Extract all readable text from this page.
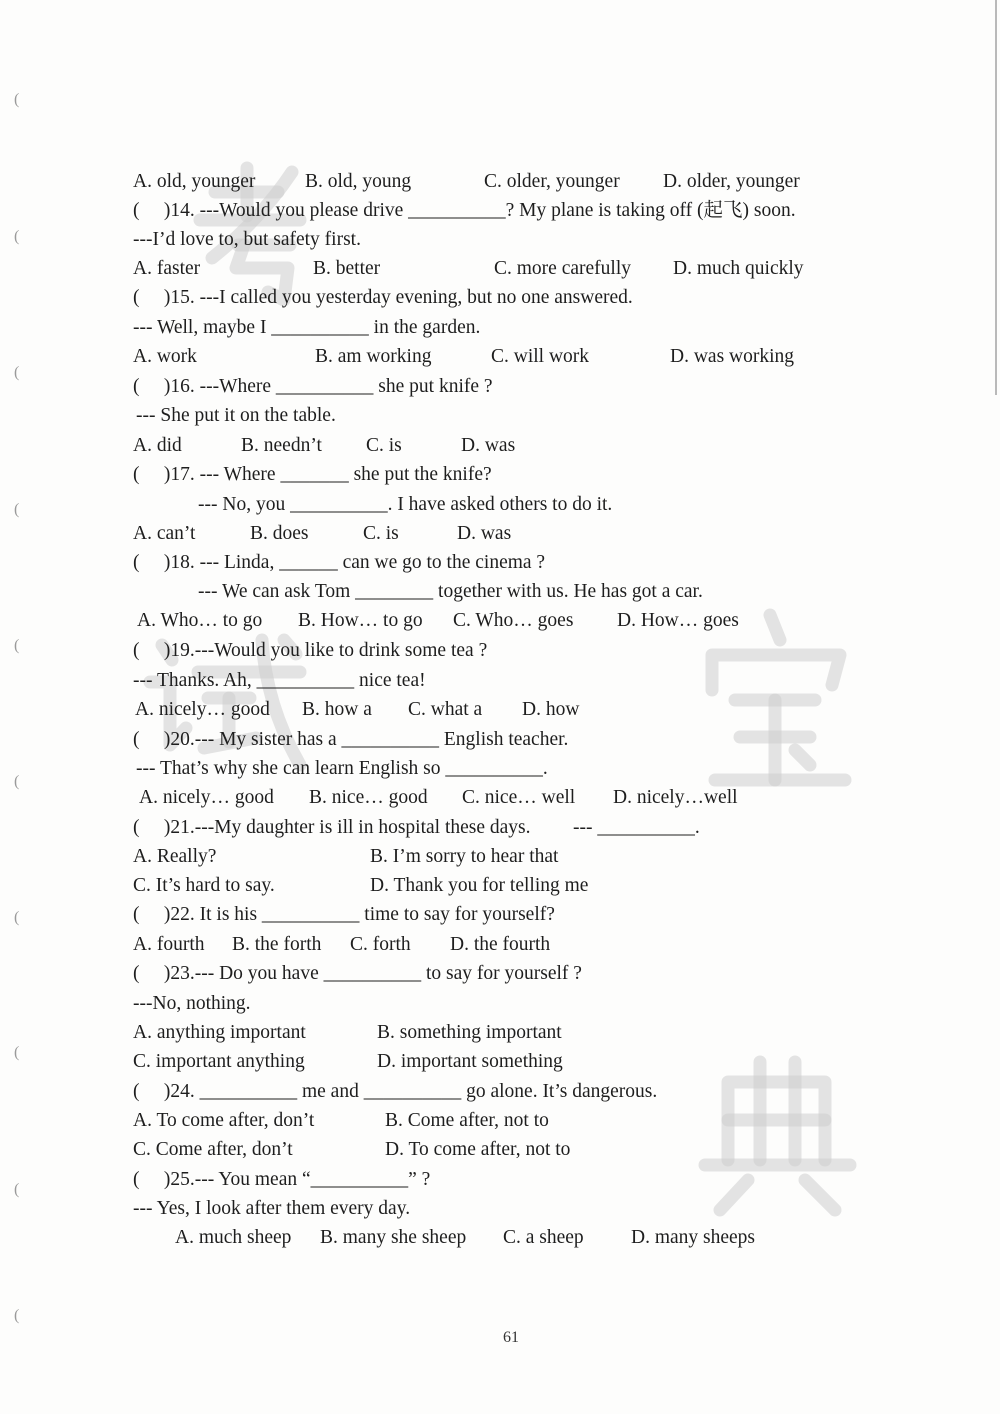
(
(
(
(
(
(
(
(
(
(
A. old, younger	B. old, young	C. older, younger D. older, younger
(     )14. ---Would you please drive __________? My plane is taking off (起飞) soon.
---I’d love to, but safety first.
A. faster	B. better	C. more carefully D. much quickly
(     )15. ---I called you yesterday evening, but no one answered.
--- Well, maybe I __________ in the garden.
A. work	B. am working	C. will work	D. was working
(     )16. ---Where __________ she put knife ?
--- She put it on the table.
A. did	B. needn’t C. is	D. was
(     )17. --- Where _______ she put the knife?
--- No, you __________. I have asked others to do it.
A. can’t	B. does	C. is	D. was
(     )18. --- Linda, ______ can we go to the cinema ?
--- We can ask Tom ________ together with us. He has got a car.
A. Who… to go B. How… to go C. Who… goes D. How… goes
(     )19.---Would you like to drink some tea ?
--- Thanks. Ah, __________ nice tea!
A. nicely… good B. how a C. what a D. how
(     )20.--- My sister has a __________ English teacher.
--- That’s why she can learn English so __________.
A. nicely… good B. nice… good C. nice… well D. nicely…well
(     )21.---My daughter is ill in hospital these days. --- __________.
A. Really?	B. I’m sorry to hear that
C. It’s hard to say.	D. Thank you for telling me
(     )22. It is his __________ time to say for yourself?
A. fourth B. the forth C. forth D. the fourth
(     )23.--- Do you have __________ to say for yourself ?
---No, nothing.
A. anything important	B. something important
C. important anything	D. important something
(     )24. __________ me and __________ go alone. It’s dangerous.
A. To come after, don’t	B. Come after, not to
C. Come after, don’t	D. To come after, not to
(     )25.--- You mean “__________” ?
--- Yes, I look after them every day.
A. much sheep B. many she sheep C. a sheep D. many sheeps
61
